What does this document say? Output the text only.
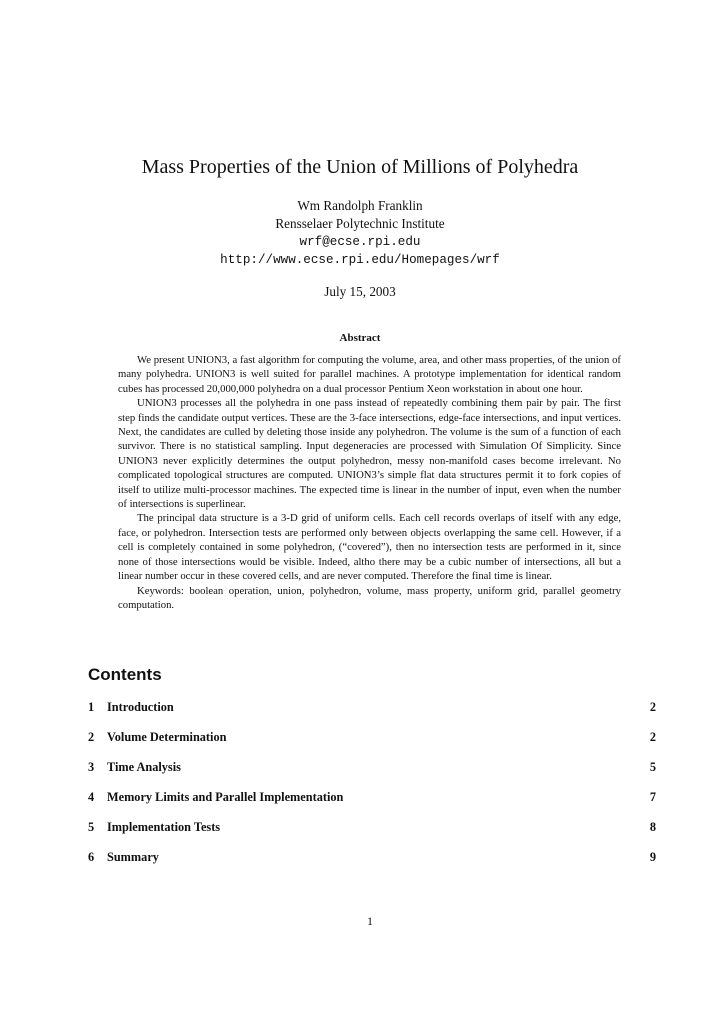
Mass Properties of the Union of Millions of Polyhedra
Wm Randolph Franklin
Rensselaer Polytechnic Institute
wrf@ecse.rpi.edu
http://www.ecse.rpi.edu/Homepages/wrf
July 15, 2003
Abstract

We present UNION3, a fast algorithm for computing the volume, area, and other mass properties, of the union of many polyhedra. UNION3 is well suited for parallel machines. A prototype implementation for identical random cubes has processed 20,000,000 polyhedra on a dual processor Pentium Xeon workstation in about one hour.

UNION3 processes all the polyhedra in one pass instead of repeatedly combining them pair by pair. The first step finds the candidate output vertices. These are the 3-face intersections, edge-face intersections, and input vertices. Next, the candidates are culled by deleting those inside any polyhedron. The volume is the sum of a function of each survivor. There is no statistical sampling. Input degeneracies are processed with Simulation Of Simplicity. Since UNION3 never explicitly determines the output polyhedron, messy non-manifold cases become irrelevant. No complicated topological structures are computed. UNION3’s simple flat data structures permit it to fork copies of itself to utilize multi-processor machines. The expected time is linear in the number of input, even when the number of intersections is superlinear.

The principal data structure is a 3-D grid of uniform cells. Each cell records overlaps of itself with any edge, face, or polyhedron. Intersection tests are performed only between objects overlapping the same cell. However, if a cell is completely contained in some polyhedron, (“covered”), then no intersection tests are performed in it, since none of those intersections would be visible. Indeed, altho there may be a cubic number of intersections, all but a linear number occur in these covered cells, and are never computed. Therefore the final time is linear.

Keywords: boolean operation, union, polyhedron, volume, mass property, uniform grid, parallel geometry computation.

Contents
1 Introduction	2
2 Volume Determination	2
3 Time Analysis	5
4 Memory Limits and Parallel Implementation	7
5 Implementation Tests	8
6 Summary	9
1
